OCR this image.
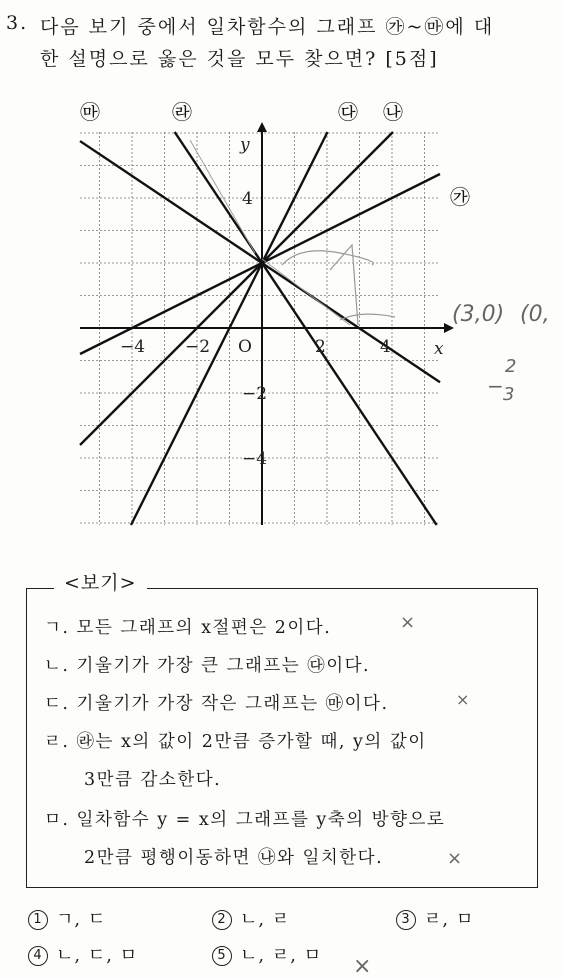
3. 다음 보기 중에서 일차함수의 그래프 ㉮~㉲에 대
한 설명으로 옳은 것을 모두 찾으면? [5점]
−4 −2	2	4
4
−2
−4
O	x
y
㉮
㉯
㉰
㉱
㉲
(3,0) (0,
−
2
3
<보기>
ㄱ. 모든 그래프의 x절편은 2이다.
ㄴ. 기울기가 가장 큰 그래프는 ㉰이다.
ㄷ. 기울기가 가장 작은 그래프는 ㉲이다.
ㄹ. ㉱는 x의 값이 2만큼 증가할 때, y의 값이
3만큼 감소한다.
ㅁ. 일차함수 y = x의 그래프를 y축의 방향으로
2만큼 평행이동하면 ㉯와 일치한다.
×
×
×
×
1 ㄱ, ㄷ	2 ㄴ, ㄹ	3 ㄹ, ㅁ
4 ㄴ, ㄷ, ㅁ	5 ㄴ, ㄹ, ㅁ
